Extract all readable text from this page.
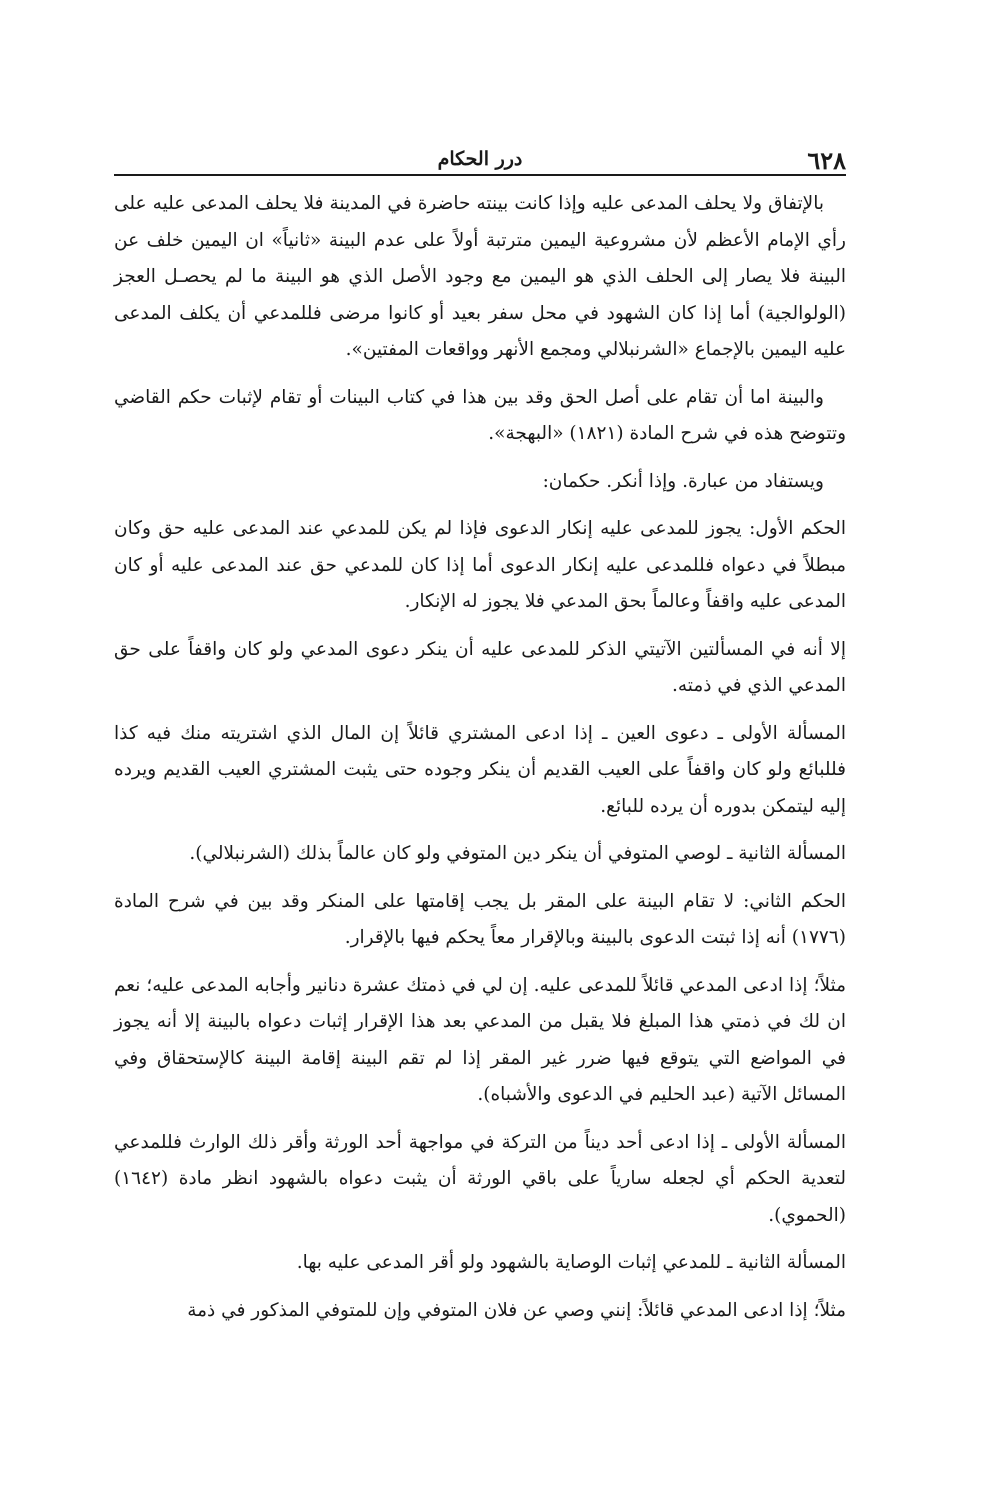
٦٢٨
درر الحكام

بالإتفاق ولا يحلف المدعى عليه وإذا كانت بينته حاضرة في المدينة فلا يحلف المدعى عليه على رأي الإمام الأعظم لأن مشروعية اليمين مترتبة أولاً على عدم البينة «ثانياً» ان اليمين خلف عن البينة فلا يصار إلى الحلف الذي هو اليمين مع وجود الأصل الذي هو البينة ما لم يحصـل العجز (الولوالجية) أما إذا كان الشهود في محل سفر بعيد أو كانوا مرضى فللمدعي أن يكلف المدعى عليه اليمين بالإجماع «الشرنبلالي ومجمع الأنهر وواقعات المفتين».

والبينة اما أن تقام على أصل الحق وقد بين هذا في كتاب البينات أو تقام لإثبات حكم القاضي وتتوضح هذه في شرح المادة (١٨٢١) «البهجة».

ويستفاد من عبارة. وإذا أنكر. حكمان:

الحكم الأول: يجوز للمدعى عليه إنكار الدعوى فإذا لم يكن للمدعي عند المدعى عليه حق وكان مبطلاً في دعواه فللمدعى عليه إنكار الدعوى أما إذا كان للمدعي حق عند المدعى عليه أو كان المدعى عليه واقفاً وعالماً بحق المدعي فلا يجوز له الإنكار.

إلا أنه في المسألتين الآتيتي الذكر للمدعى عليه أن ينكر دعوى المدعي ولو كان واقفاً على حق المدعي الذي في ذمته.

المسألة الأولى ـ دعوى العين ـ إذا ادعى المشتري قائلاً إن المال الذي اشتريته منك فيه كذا فللبائع ولو كان واقفاً على العيب القديم أن ينكر وجوده حتى يثبت المشتري العيب القديم ويرده إليه ليتمكن بدوره أن يرده للبائع.

المسألة الثانية ـ لوصي المتوفي أن ينكر دين المتوفي ولو كان عالماً بذلك (الشرنبلالي).

الحكم الثاني: لا تقام البينة على المقر بل يجب إقامتها على المنكر وقد بين في شرح المادة (١٧٧٦) أنه إذا ثبتت الدعوى بالبينة وبالإقرار معاً يحكم فيها بالإقرار.

مثلاً؛ إذا ادعى المدعي قائلاً للمدعى عليه. إن لي في ذمتك عشرة دنانير وأجابه المدعى عليه؛ نعم ان لك في ذمتي هذا المبلغ فلا يقبل من المدعي بعد هذا الإقرار إثبات دعواه بالبينة إلا أنه يجوز في المواضع التي يتوقع فيها ضرر غير المقر إذا لم تقم البينة إقامة البينة كالإستحقاق وفي المسائل الآتية (عبد الحليم في الدعوى والأشباه).

المسألة الأولى ـ إذا ادعى أحد ديناً من التركة في مواجهة أحد الورثة وأقر ذلك الوارث فللمدعي لتعدية الحكم أي لجعله سارياً على باقي الورثة أن يثبت دعواه بالشهود انظر مادة (١٦٤٢) (الحموي).

المسألة الثانية ـ للمدعي إثبات الوصاية بالشهود ولو أقر المدعى عليه بها.

مثلاً؛ إذا ادعى المدعي قائلاً: إنني وصي عن فلان المتوفي وإن للمتوفي المذكور في ذمة
